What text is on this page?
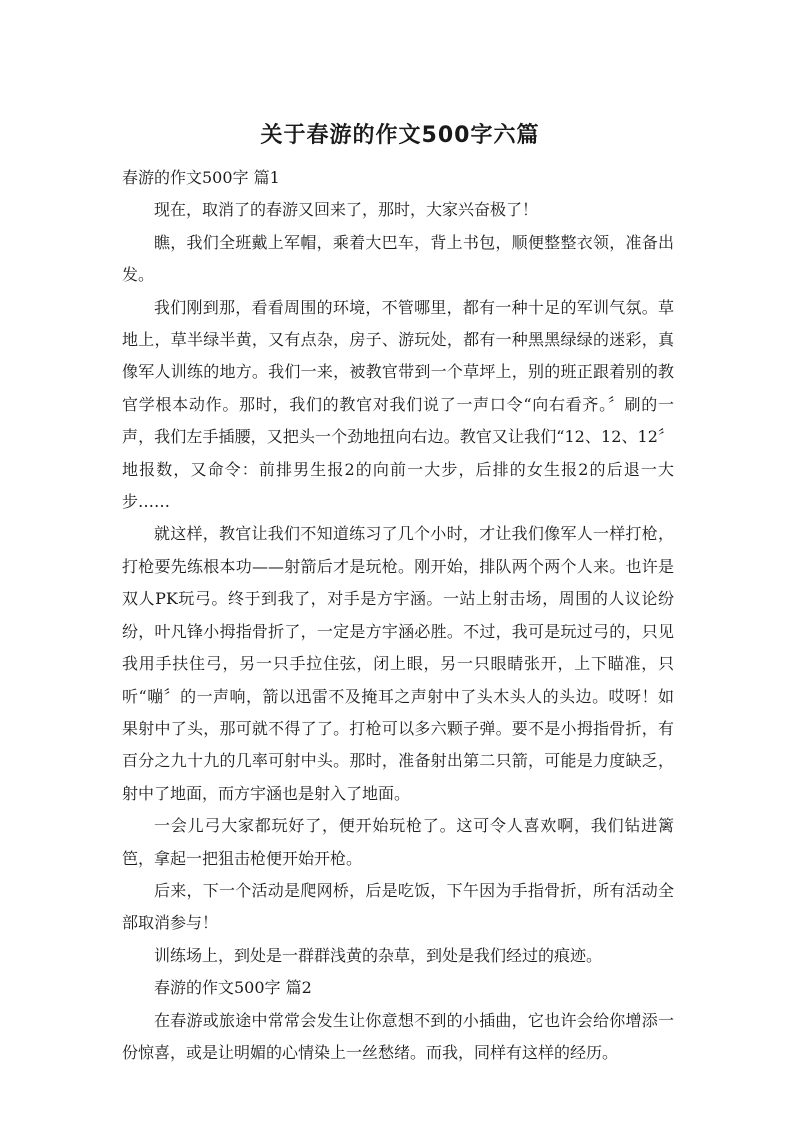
关于春游的作文500字六篇

春游的作文500字 篇1

现在，取消了的春游又回来了，那时，大家兴奋极了！

瞧，我们全班戴上军帽，乘着大巴车，背上书包，顺便整整衣领，准备出发。

我们刚到那，看看周围的环境，不管哪里，都有一种十足的军训气氛。草地上，草半绿半黄，又有点杂，房子、游玩处，都有一种黑黑绿绿的迷彩，真像军人训练的地方。我们一来，被教官带到一个草坪上，别的班正跟着别的教官学根本动作。那时，我们的教官对我们说了一声口令“向右看齐。〞刷的一声，我们左手插腰，又把头一个劲地扭向右边。教官又让我们“12、12、12〞地报数，又命令：前排男生报2的向前一大步，后排的女生报2的后退一大步……

就这样，教官让我们不知道练习了几个小时，才让我们像军人一样打枪，打枪要先练根本功——射箭后才是玩枪。刚开始，排队两个两个人来。也许是双人PK玩弓。终于到我了，对手是方宇涵。一站上射击场，周围的人议论纷纷，叶凡锋小拇指骨折了，一定是方宇涵必胜。不过，我可是玩过弓的，只见我用手扶住弓，另一只手拉住弦，闭上眼，另一只眼睛张开，上下瞄准，只听“嘣〞的一声响，箭以迅雷不及掩耳之声射中了头木头人的头边。哎呀！如果射中了头，那可就不得了了。打枪可以多六颗子弹。要不是小拇指骨折，有百分之九十九的几率可射中头。那时，准备射出第二只箭，可能是力度缺乏，射中了地面，而方宇涵也是射入了地面。

一会儿弓大家都玩好了，便开始玩枪了。这可令人喜欢啊，我们钻进篱笆，拿起一把狙击枪便开始开枪。

后来，下一个活动是爬网桥，后是吃饭，下午因为手指骨折，所有活动全部取消参与！

训练场上，到处是一群群浅黄的杂草，到处是我们经过的痕迹。

春游的作文500字 篇2

在春游或旅途中常常会发生让你意想不到的小插曲，它也许会给你增添一份惊喜，或是让明媚的心情染上一丝愁绪。而我，同样有这样的经历。
